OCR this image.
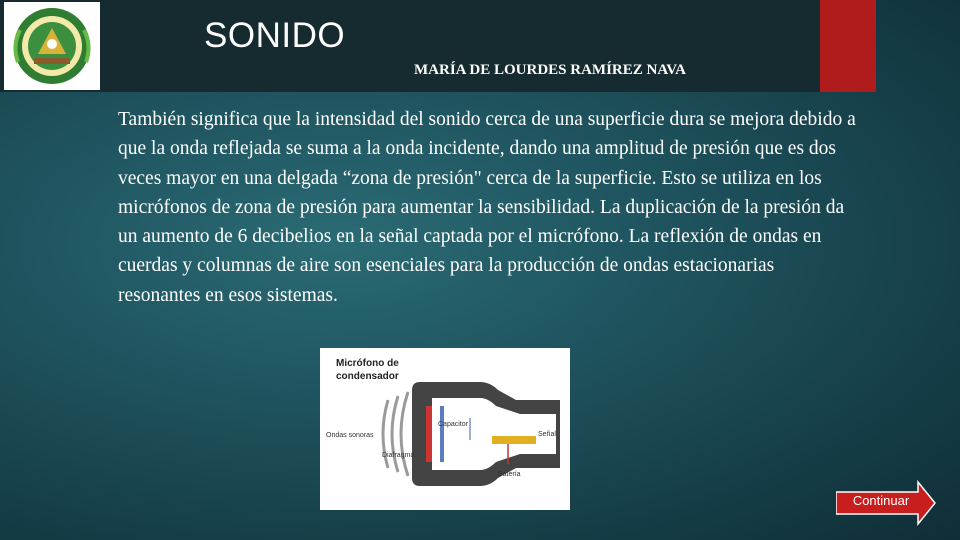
SONIDO
MARÍA DE LOURDES RAMÍREZ NAVA
También significa que la intensidad del sonido cerca de una superficie dura se mejora debido a que la onda reflejada se suma a la onda incidente, dando una amplitud de presión que es dos veces mayor en una delgada “zona de presión" cerca de la superficie. Esto se utiliza en los micrófonos de zona de presión para aumentar la sensibilidad. La duplicación de la presión da un aumento de 6 decibelios en la señal captada por el micrófono. La reflexión de ondas en cuerdas y columnas de aire son esenciales para la producción de ondas estacionarias resonantes en esos sistemas.
Micrófono de
condensador
Capacitor
Señal
Ondas sonoras
Diafragma
Batería
Continuar
